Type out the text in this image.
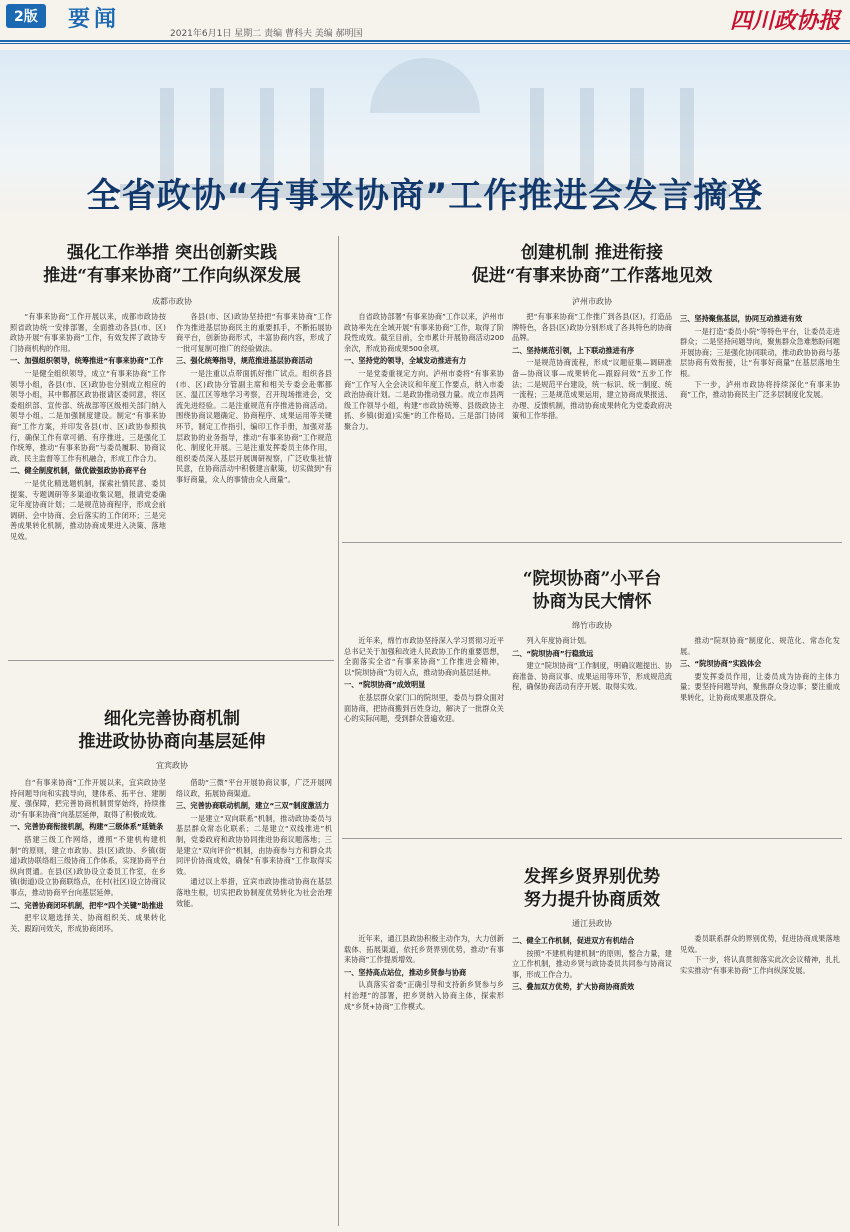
2版	要闻
2021年6月1日 星期二 责编 曹科夫 美编 郝明国	四川政协报
全省政协“有事来协商”工作推进会发言摘登
强化工作举措 突出创新实践
推进“有事来协商”工作向纵深发展
成都市政协

“有事来协商”工作开展以来，成都市政协按照省政协统一安排部署，全面推动各县(市、区)政协开展“有事来协商”工作，有效发挥了政协专门协商机构的作用。

一、加强组织领导，统筹推进“有事来协商”工作

一是健全组织领导，成立“有事来协商”工作领导小组，各县(市、区)政协也分别成立相应的领导小组，其中郫都区政协报请区委同意，将区委组织部、宣传部、统战部等区级相关部门纳入领导小组。二是加强制度建设。制定“有事来协商”工作方案，并印发各县(市、区)政协参照执行，确保工作有章可循、有序推进。三是强化工作统筹，推动“有事来协商”与委员履职、协商议政、民主监督等工作有机融合，形成工作合力。

二、健全制度机制，做优做强政协协商平台

一是优化精选题机制，探索社情民意、委员提案、专题调研等多渠道收集议题，报请党委确定年度协商计划；二是规范协商程序，形成会前调研、会中协商、会后落实的工作闭环；三是完善成果转化机制，推动协商成果进入决策、落地见效。

各县(市、区)政协坚持把“有事来协商”工作作为推进基层协商民主的重要抓手，不断拓展协商平台，创新协商形式，丰富协商内容，形成了一批可复制可推广的经验做法。

三、强化统筹指导，规范推进基层协商活动

一是注重以点带面抓好推广试点。组织各县(市、区)政协分管副主席和相关专委会赴郫都区、温江区等地学习考察，召开现场推进会，交流先进经验。二是注重规范有序推进协商活动。围绕协商议题确定、协商程序、成果运用等关键环节，制定工作指引，编印工作手册，加强对基层政协的业务指导，推动“有事来协商”工作规范化、制度化开展。三是注重发挥委员主体作用，组织委员深入基层开展调研视察，广泛收集社情民意，在协商活动中积极建言献策，切实做到“有事好商量，众人的事情由众人商量”。

细化完善协商机制
推进政协协商向基层延伸
宜宾政协

自“有事来协商”工作开展以来，宜宾政协坚持问题导向和实践导向，建体系、拓平台、建制度、强保障，把完善协商机制贯穿始终，持续推动“有事来协商”向基层延伸，取得了积极成效。

一、完善协商衔接机制，构建“三级体系”延链条

搭建三级工作网络，遵照“不建机构建机制”的原则，建立市政协、县(区)政协、乡镇(街道)政协联络组三级协商工作体系，实现协商平台纵向贯通。在县(区)政协设立委员工作室，在乡镇(街道)设立协商联络点，在村(社区)设立协商议事点，推动协商平台向基层延伸。

二、完善协商闭环机制，把牢“四个关键”助推进

把牢议题选择关、协商组织关、成果转化关、跟踪问效关，形成协商闭环。

借助“三微”平台开展协商议事，广泛开展网络议政，拓展协商渠道。

三、完善协商联动机制，建立“三双”制度激活力

一是建立“双向联系”机制，推动政协委员与基层群众常态化联系；二是建立“双线推进”机制，党委政府和政协协同推进协商议题落地；三是建立“双向评价”机制，由协商参与方和群众共同评价协商成效，确保“有事来协商”工作取得实效。

通过以上举措，宜宾市政协推动协商在基层落地生根，切实把政协制度优势转化为社会治理效能。

创建机制 推进衔接
促进“有事来协商”工作落地见效
泸州市政协

自省政协部署“有事来协商”工作以来，泸州市政协率先在全域开展“有事来协商”工作，取得了阶段性成效。截至目前，全市累计开展协商活动200余次，形成协商成果500余项。

一、坚持党的领导，全域发动推进有力

一是党委重视定方向。泸州市委将“有事来协商”工作写入全会决议和年度工作要点，纳入市委政治协商计划。二是政协推动强力量。成立市县两级工作领导小组，构建“市政协统筹、县级政协主抓、乡镇(街道)实施”的工作格局。三是部门协同聚合力。

把“有事来协商”工作推广到各县(区)，打造品牌特色，各县(区)政协分别形成了各具特色的协商品牌。

二、坚持规范引领，上下联动推进有序

一是规范协商流程，形成“议题征集—调研准备—协商议事—成果转化—跟踪问效”五步工作法；二是规范平台建设，统一标识、统一制度、统一流程；三是规范成果运用，建立协商成果报送、办理、反馈机制，推动协商成果转化为党委政府决策和工作举措。

三、坚持聚焦基层，协同互动推进有效

一是打造“委员小院”等特色平台，让委员走进群众；二是坚持问题导向，聚焦群众急难愁盼问题开展协商；三是强化协同联动，推动政协协商与基层协商有效衔接，让“有事好商量”在基层落地生根。

下一步，泸州市政协将持续深化“有事来协商”工作，推动协商民主广泛多层制度化发展。

“院坝协商”小平台
协商为民大情怀
绵竹市政协

近年来，绵竹市政协坚持深入学习贯彻习近平总书记关于加强和改进人民政协工作的重要思想，全面落实全省“有事来协商”工作推进会精神，以“院坝协商”为切入点，推动协商向基层延伸。

一、“院坝协商”成效明显

在基层群众家门口的院坝里，委员与群众面对面协商，把协商搬到百姓身边，解决了一批群众关心的实际问题，受到群众普遍欢迎。

列入年度协商计划。

二、“院坝协商”行稳致远

建立“院坝协商”工作制度，明确议题提出、协商准备、协商议事、成果运用等环节，形成规范流程，确保协商活动有序开展、取得实效。

推动“院坝协商”制度化、规范化、常态化发展。

三、“院坝协商”实践体会

要发挥委员作用，让委员成为协商的主体力量；要坚持问题导向，聚焦群众身边事；要注重成果转化，让协商成果惠及群众。

发挥乡贤界别优势
努力提升协商质效
通江县政协

近年来，通江县政协积极主动作为，大力创新载体、拓展渠道，依托乡贤界别优势，推动“有事来协商”工作提质增效。

一、坚持高点站位，推动乡贤参与协商

认真落实省委“正确引导和支持新乡贤参与乡村治理”的部署，把乡贤纳入协商主体，探索形成“乡贤+协商”工作模式。

二、健全工作机制，促进双方有机结合

按照“不建机构建机制”的原则，整合力量，建立工作机制，推动乡贤与政协委员共同参与协商议事，形成工作合力。

三、叠加双方优势，扩大协商协商质效

委员联系群众的界别优势，促进协商成果落地见效。

下一步，将认真贯彻落实此次会议精神，扎扎实实推动“有事来协商”工作向纵深发展。
